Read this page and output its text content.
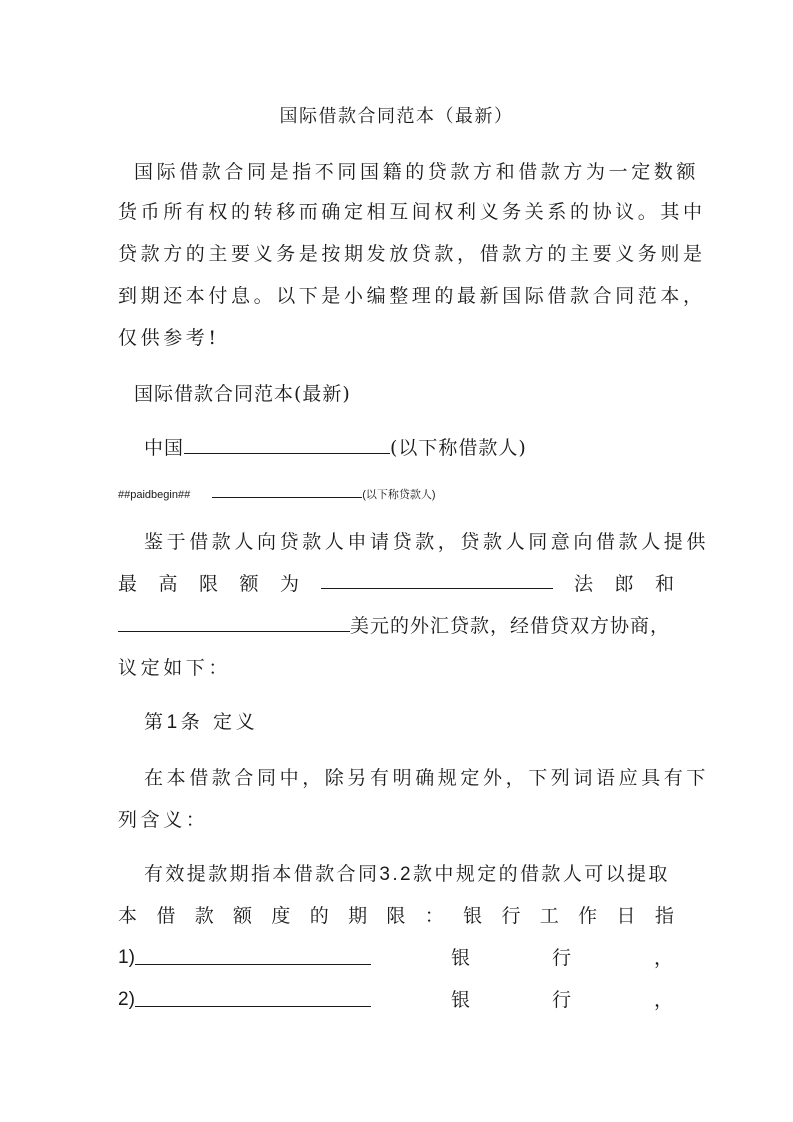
国际借款合同范本（最新）
国际借款合同是指不同国籍的贷款方和借款方为一定数额
货币所有权的转移而确定相互间权利义务关系的协议。其中
贷款方的主要义务是按期发放贷款，借款方的主要义务则是
到期还本付息。以下是小编整理的最新国际借款合同范本，
仅供参考!
国际借款合同范本(最新)
中国	(以下称借款人)
##paidbegin##	(以下称贷款人)
鉴于借款人向贷款人申请贷款，贷款人同意向借款人提供
最 高 限 额 为	法 郎 和
美元的外汇贷款，经借贷双方协商，
议定如下：
第1条 定义
在本借款合同中，除另有明确规定外，下列词语应具有下
列含义：
有效提款期指本借款合同3.2款中规定的借款人可以提取
本 借 款 额 度 的 期 限 ： 银 行 工 作 日 指
1)	银	行	，
2)	银	行	，
